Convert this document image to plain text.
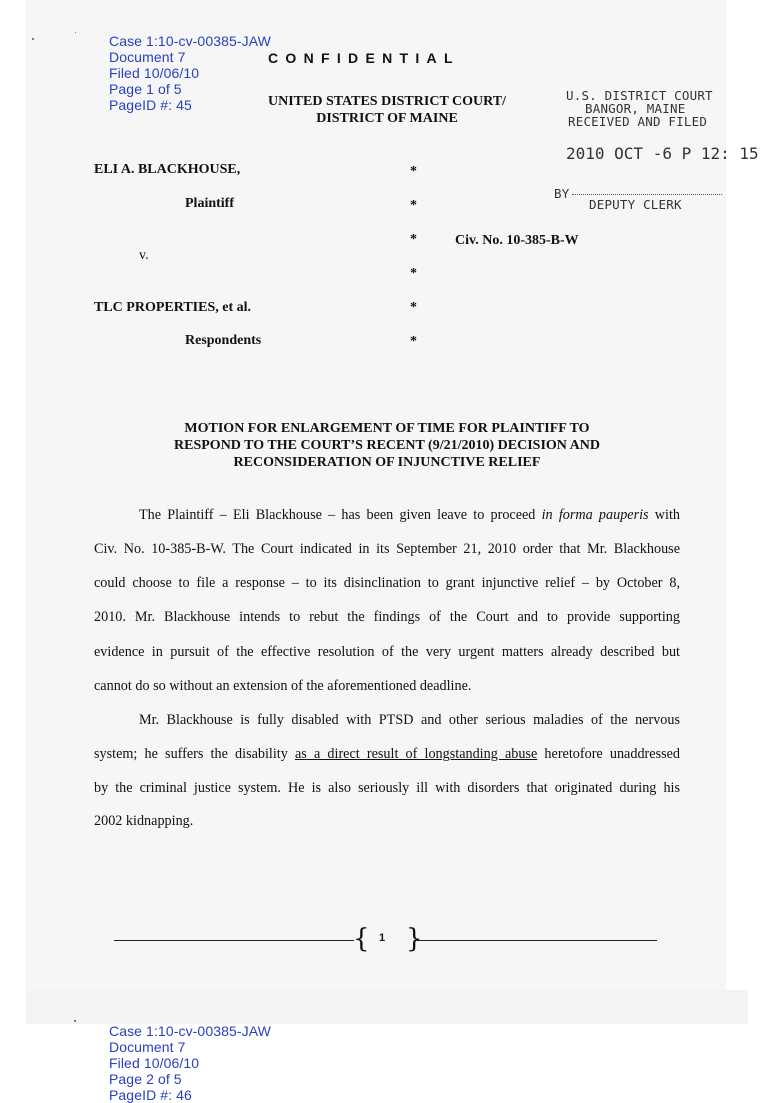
Case 1:10-cv-00385-JAW
Document 7
Filed 10/06/10
Page 1 of 5
PageID #: 45

CONFIDENTIAL
UNITED STATES DISTRICT COURT/
DISTRICT OF MAINE
U.S. DISTRICT COURT
BANGOR, MAINE
RECEIVED AND FILED
2010 OCT -6 P 12: 15
BY
DEPUTY CLERK
ELI A. BLACKHOUSE,
Plaintiff
v.
Civ. No. 10-385-B-W
TLC PROPERTIES, et al.
Respondents
*
*
*
*
*
*
MOTION FOR ENLARGEMENT OF TIME FOR PLAINTIFF TO
RESPOND TO THE COURT’S RECENT (9/21/2010) DECISION AND
RECONSIDERATION OF INJUNCTIVE RELIEF
The Plaintiff – Eli Blackhouse – has been given leave to proceed in forma pauperis with
Civ. No. 10-385-B-W. The Court indicated in its September 21, 2010 order that Mr. Blackhouse
could choose to file a response – to its disinclination to grant injunctive relief – by October 8,
2010. Mr. Blackhouse intends to rebut the findings of the Court and to provide supporting
evidence in pursuit of the effective resolution of the very urgent matters already described but
cannot do so without an extension of the aforementioned deadline.
Mr. Blackhouse is fully disabled with PTSD and other serious maladies of the nervous
system; he suffers the disability as a direct result of longstanding abuse heretofore unaddressed
by the criminal justice system. He is also seriously ill with disorders that originated during his
2002 kidnapping.
{ 1 }

Case 1:10-cv-00385-JAW
Document 7
Filed 10/06/10
Page 2 of 5
PageID #: 46
